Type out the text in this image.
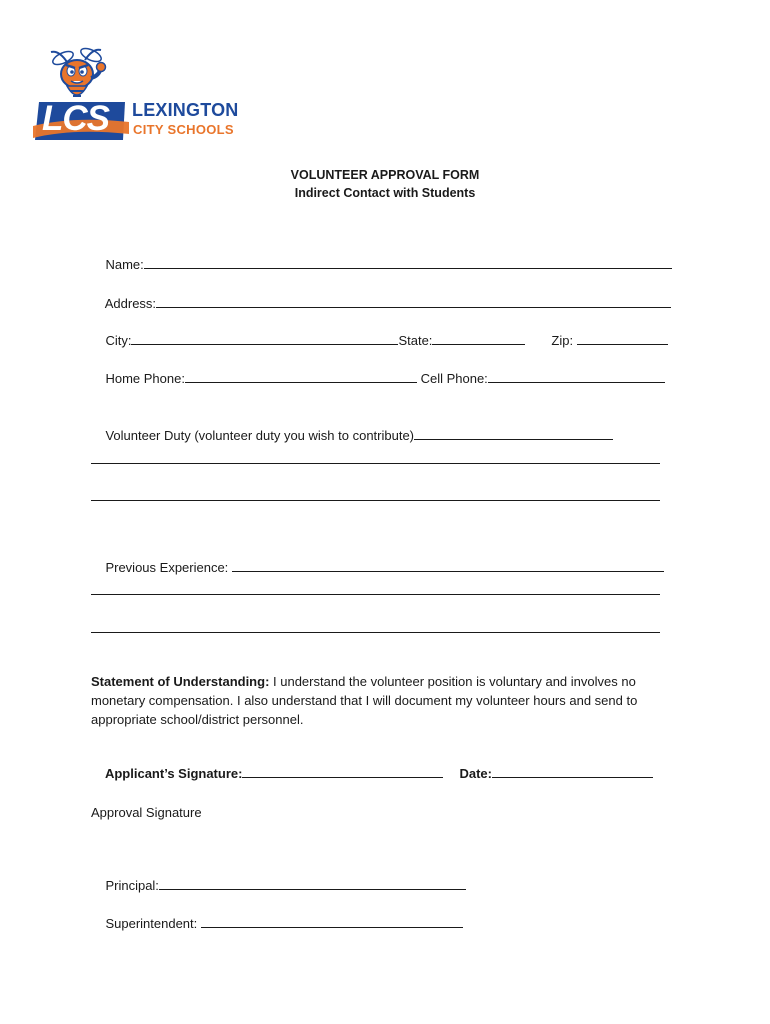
LCS LEXINGTON
CITY SCHOOLS
VOLUNTEER APPROVAL FORM
Indirect Contact with Students

Name:

Address:

City:	State:	Zip:

Home Phone:	Cell Phone:

Volunteer Duty (volunteer duty you wish to contribute)

Previous Experience:

Statement of Understanding: I understand the volunteer position is voluntary and involves no monetary compensation. I also understand that I will document my volunteer hours and send to appropriate school/district personnel.

Applicant’s Signature:	Date:

Approval Signature

Principal:

Superintendent:
